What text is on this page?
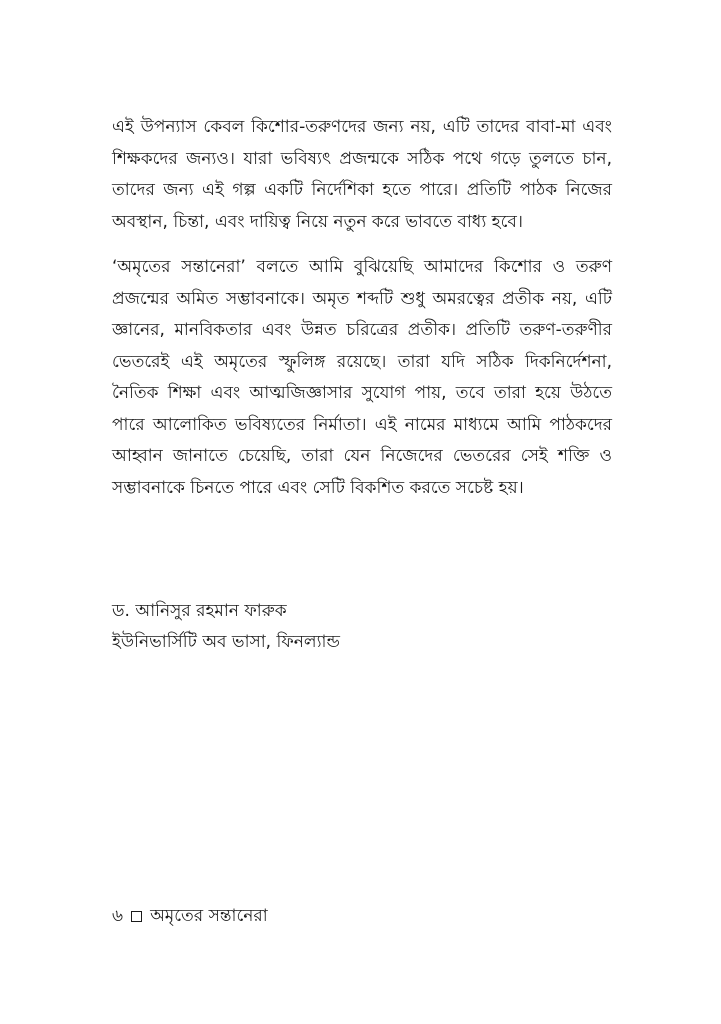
এই উপন্যাস কেবল কিশোর-তরুণদের জন্য নয়, এটি তাদের বাবা-মা এবং শিক্ষকদের জন্যও। যারা ভবিষ্যৎ প্রজন্মকে সঠিক পথে গড়ে তুলতে চান, তাদের জন্য এই গল্প একটি নির্দেশিকা হতে পারে। প্রতিটি পাঠক নিজের অবস্থান, চিন্তা, এবং দায়িত্ব নিয়ে নতুন করে ভাবতে বাধ্য হবে।

‘অমৃতের সন্তানেরা’ বলতে আমি বুঝিয়েছি আমাদের কিশোর ও তরুণ প্রজন্মের অমিত সম্ভাবনাকে। অমৃত শব্দটি শুধু অমরত্বের প্রতীক নয়, এটি জ্ঞানের, মানবিকতার এবং উন্নত চরিত্রের প্রতীক। প্রতিটি তরুণ-তরুণীর ভেতরেই এই অমৃতের স্ফুলিঙ্গ রয়েছে। তারা যদি সঠিক দিকনির্দেশনা, নৈতিক শিক্ষা এবং আত্মজিজ্ঞাসার সুযোগ পায়, তবে তারা হয়ে উঠতে পারে আলোকিত ভবিষ্যতের নির্মাতা। এই নামের মাধ্যমে আমি পাঠকদের আহ্বান জানাতে চেয়েছি, তারা যেন নিজেদের ভেতরের সেই শক্তি ও সম্ভাবনাকে চিনতে পারে এবং সেটি বিকশিত করতে সচেষ্ট হয়।

ড. আনিসুর রহমান ফারুক

ইউনিভার্সিটি অব ভাসা, ফিনল্যান্ড

৬ অমৃতের সন্তানেরা
